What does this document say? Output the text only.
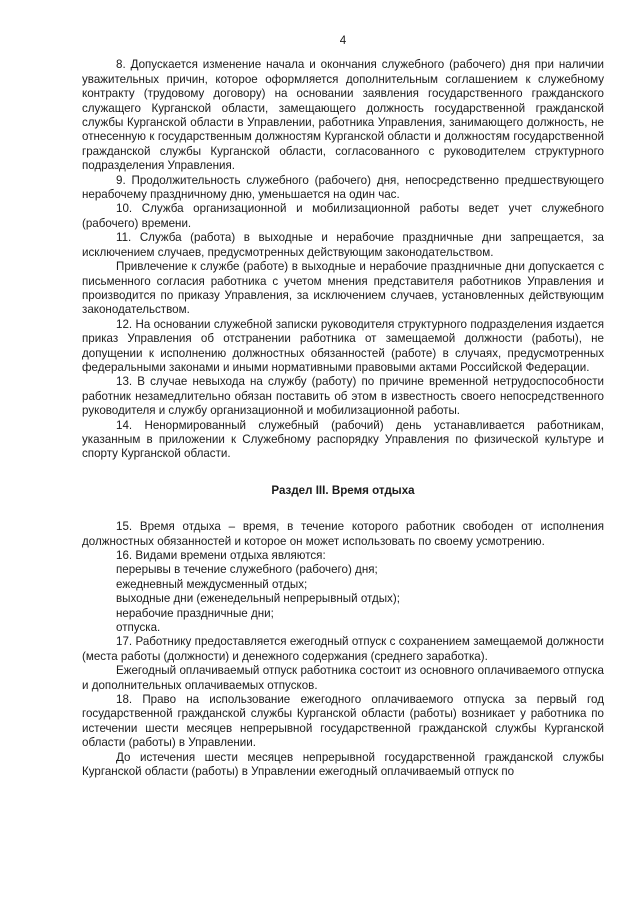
4

8. Допускается изменение начала и окончания служебного (рабочего) дня при наличии уважительных причин, которое оформляется дополнительным соглашением к служебному контракту (трудовому договору) на основании заявления государственного гражданского служащего Курганской области, замещающего должность государственной гражданской службы Курганской области в Управлении, работника Управления, занимающего должность, не отнесенную к государственным должностям Курганской области и должностям государственной гражданской службы Курганской области, согласованного с руководителем структурного подразделения Управления.

9. Продолжительность служебного (рабочего) дня, непосредственно предшествующего нерабочему праздничному дню, уменьшается на один час.

10. Служба организационной и мобилизационной работы ведет учет служебного (рабочего) времени.

11. Служба (работа) в выходные и нерабочие праздничные дни запрещается, за исключением случаев, предусмотренных действующим законодательством.

Привлечение к службе (работе) в выходные и нерабочие праздничные дни допускается с письменного согласия работника с учетом мнения представителя работников Управления и производится по приказу Управления, за исключением случаев, установленных действующим законодательством.

12. На основании служебной записки руководителя структурного подразделения издается приказ Управления об отстранении работника от замещаемой должности (работы), не допущении к исполнению должностных обязанностей (работе) в случаях, предусмотренных федеральными законами и иными нормативными правовыми актами Российской Федерации.

13. В случае невыхода на службу (работу) по причине временной нетрудоспособности работник незамедлительно обязан поставить об этом в известность своего непосредственного руководителя и службу организационной и мобилизационной работы.

14. Ненормированный служебный (рабочий) день устанавливается работникам, указанным в приложении к Служебному распорядку Управления по физической культуре и спорту Курганской области.

Раздел III. Время отдыха

15. Время отдыха – время, в течение которого работник свободен от исполнения должностных обязанностей и которое он может использовать по своему усмотрению.

16. Видами времени отдыха являются:

перерывы в течение служебного (рабочего) дня;

ежедневный междусменный отдых;

выходные дни (еженедельный непрерывный отдых);

нерабочие праздничные дни;

отпуска.

17. Работнику предоставляется ежегодный отпуск с сохранением замещаемой должности (места работы (должности) и денежного содержания (среднего заработка).

Ежегодный оплачиваемый отпуск работника состоит из основного оплачиваемого отпуска и дополнительных оплачиваемых отпусков.

18. Право на использование ежегодного оплачиваемого отпуска за первый год государственной гражданской службы Курганской области (работы) возникает у работника по истечении шести месяцев непрерывной государственной гражданской службы Курганской области (работы) в Управлении.

До истечения шести месяцев непрерывной государственной гражданской службы Курганской области (работы) в Управлении ежегодный оплачиваемый отпуск по
